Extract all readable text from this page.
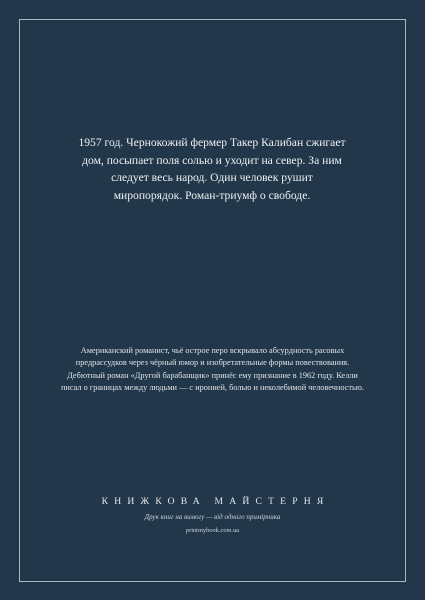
1957 год. Чернокожий фермер Такер Калибан сжигает дом, посыпает поля солью и уходит на север. За ним следует весь народ. Один человек рушит миропорядок. Роман-триумф о свободе.

Американский романист, чьё острое перо вскрывало абсурдность расовых предрассудков через чёрный юмор и изобретательные формы повествования. Дебютный роман «Другой барабанщик» принёс ему признание в 1962 году. Келли писал о границах между людьми — с иронией, болью и неколебимой человечностью.

КНИЖКОВА МАЙСТЕРНЯ
Друк книг на вимогу — від одного примірника
printmybook.com.ua
